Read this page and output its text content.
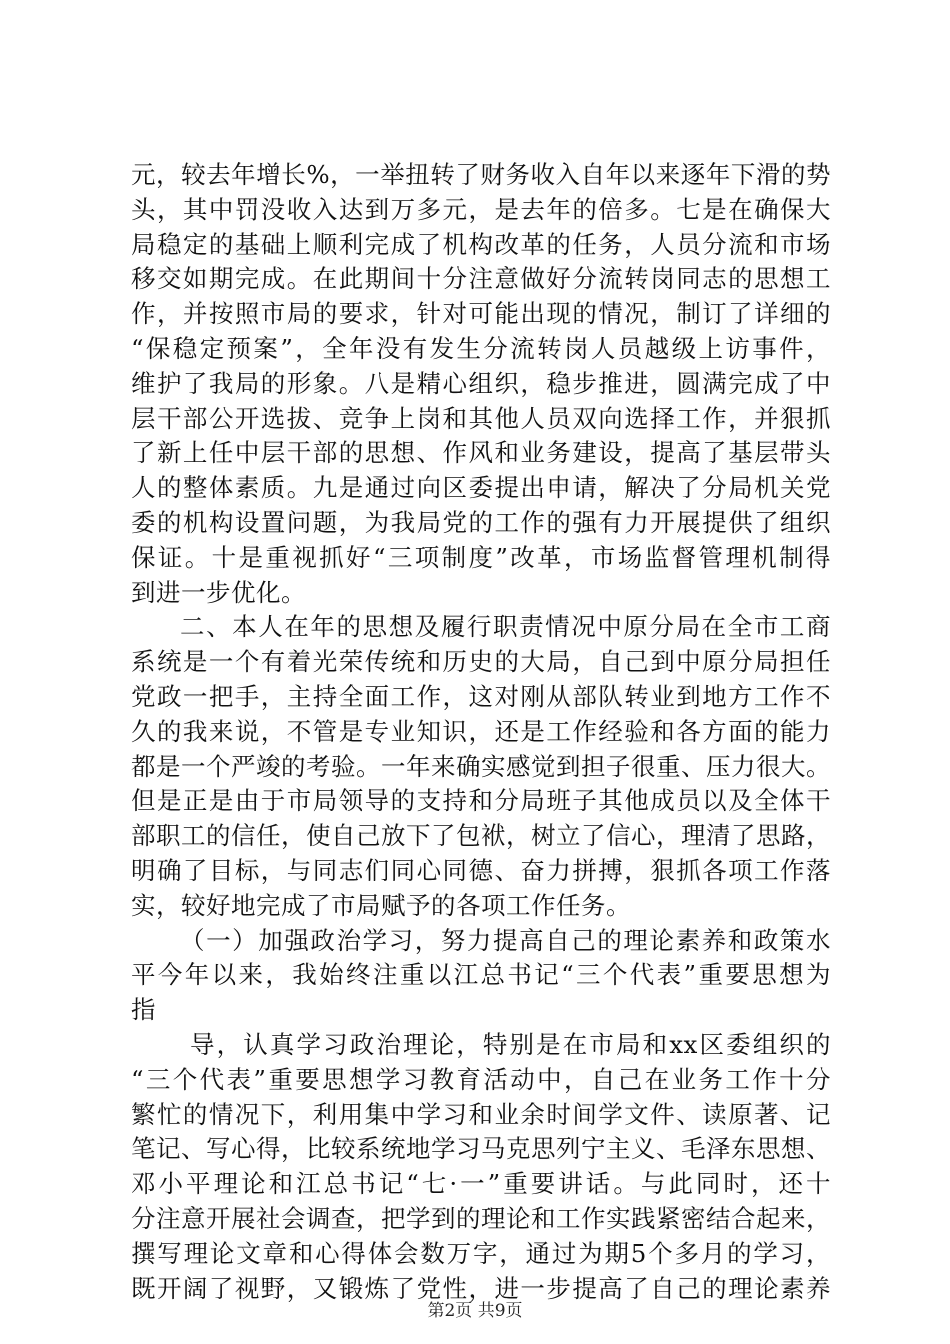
元，较去年增长%，一举扭转了财务收入自年以来逐年下滑的势
头，其中罚没收入达到万多元，是去年的倍多。七是在确保大
局稳定的基础上顺利完成了机构改革的任务，人员分流和市场
移交如期完成。在此期间十分注意做好分流转岗同志的思想工
作，并按照市局的要求，针对可能出现的情况，制订了详细的
“保稳定预案”，全年没有发生分流转岗人员越级上访事件，
维护了我局的形象。八是精心组织，稳步推进，圆满完成了中
层干部公开选拔、竞争上岗和其他人员双向选择工作，并狠抓
了新上任中层干部的思想、作风和业务建设，提高了基层带头
人的整体素质。九是通过向区委提出申请，解决了分局机关党
委的机构设置问题，为我局党的工作的强有力开展提供了组织
保证。十是重视抓好“三项制度”改革，市场监督管理机制得
到进一步优化。
二、本人在年的思想及履行职责情况中原分局在全市工商
系统是一个有着光荣传统和历史的大局，自己到中原分局担任
党政一把手，主持全面工作，这对刚从部队转业到地方工作不
久的我来说，不管是专业知识，还是工作经验和各方面的能力
都是一个严竣的考验。一年来确实感觉到担子很重、压力很大。
但是正是由于市局领导的支持和分局班子其他成员以及全体干
部职工的信任，使自己放下了包袱，树立了信心，理清了思路，
明确了目标，与同志们同心同德、奋力拼搏，狠抓各项工作落
实，较好地完成了市局赋予的各项工作任务。
（一）加强政治学习，努力提高自己的理论素养和政策水
平今年以来，我始终注重以江总书记“三个代表”重要思想为
指
导，认真学习政治理论，特别是在市局和xx区委组织的
“三个代表”重要思想学习教育活动中，自己在业务工作十分
繁忙的情况下，利用集中学习和业余时间学文件、读原著、记
笔记、写心得，比较系统地学习马克思列宁主义、毛泽东思想、
邓小平理论和江总书记“七·一”重要讲话。与此同时，还十
分注意开展社会调查，把学到的理论和工作实践紧密结合起来，
撰写理论文章和心得体会数万字，通过为期5个多月的学习，
既开阔了视野，又锻炼了党性，进一步提高了自己的理论素养
第2页 共9页
